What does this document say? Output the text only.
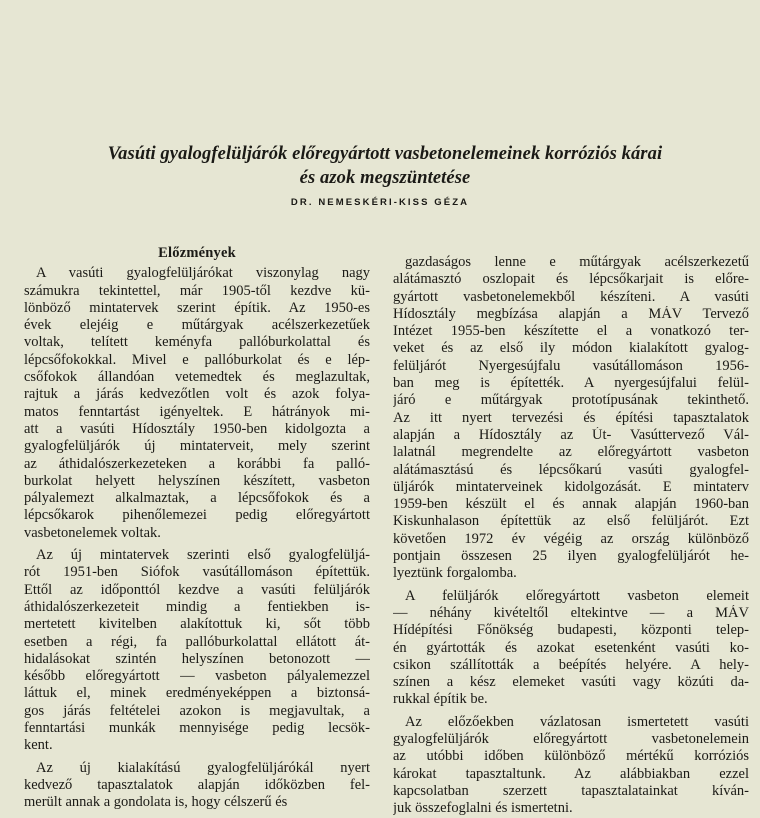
Vasúti gyalogfelüljárók előregyártott vasbetonelemeinek korróziós kárai
és azok megszüntetése
DR. NEMESKÉRI-KISS GÉZA
Előzmények
A vasúti gyalogfelüljárókat viszonylag nagy
számukra tekintettel, már 1905-től kezdve kü-
lönböző mintatervek szerint építik. Az 1950-es
évek elejéig e műtárgyak acélszerkezetűek
voltak, telített keményfa pallóburkolattal és
lépcsőfokokkal. Mivel e pallóburkolat és e lép-
csőfokok állandóan vetemedtek és meglazultak,
rajtuk a járás kedvezőtlen volt és azok folya-
matos fenntartást igényeltek. E hátrányok mi-
att a vasúti Hídosztály 1950-ben kidolgozta a
gyalogfelüljárók új mintaterveit, mely szerint
az áthidalószerkezeteken a korábbi fa palló-
burkolat helyett helyszínen készített, vasbeton
pályalemezt alkalmaztak, a lépcsőfokok és a
lépcsőkarok pihenőlemezei pedig előregyártott
vasbetonelemek voltak.
Az új mintatervek szerinti első gyalogfelüljá-
rót 1951-ben Siófok vasútállomáson építettük.
Ettől az időponttól kezdve a vasúti felüljárók
áthidalószerkezeteit mindig a fentiekben is-
mertetett kivitelben alakítottuk ki, sőt több
esetben a régi, fa pallóburkolattal ellátott át-
hidalásokat szintén helyszínen betonozott —
később előregyártott — vasbeton pályalemezzel
láttuk el, minek eredményeképpen a biztonsá-
gos járás feltételei azokon is megjavultak, a
fenntartási munkák mennyisége pedig lecsök-
kent.
Az új kialakítású gyalogfelüljárókál nyert
kedvező tapasztalatok alapján időközben fel-
merült annak a gondolata is, hogy célszerű és
gazdaságos lenne e műtárgyak acélszerkezetű
alátámasztó oszlopait és lépcsőkarjait is előre-
gyártott vasbetonelemekből készíteni. A vasúti
Hídosztály megbízása alapján a MÁV Tervező
Intézet 1955-ben készítette el a vonatkozó ter-
veket és az első ily módon kialakított gyalog-
felüljárót Nyergesújfalu vasútállomáson 1956-
ban meg is építették. A nyergesújfalui felül-
járó e műtárgyak prototípusának tekinthető.
Az itt nyert tervezési és építési tapasztalatok
alapján a Hídosztály az Út- Vasúttervező Vál-
lalatnál megrendelte az előregyártott vasbeton
alátámasztású és lépcsőkarú vasúti gyalogfel-
üljárók mintaterveinek kidolgozását. E mintaterv
1959-ben készült el és annak alapján 1960-ban
Kiskunhalason építettük az első felüljárót. Ezt
követően 1972 év végéig az ország különböző
pontjain összesen 25 ilyen gyalogfelüljárót he-
lyeztünk forgalomba.
A felüljárók előregyártott vasbeton elemeit
— néhány kivételtől eltekintve — a MÁV
Hídépítési Főnökség budapesti, központi telep-
én gyártották és azokat esetenként vasúti ko-
csikon szállították a beépítés helyére. A hely-
színen a kész elemeket vasúti vagy közúti da-
rukkal építik be.
Az előzőekben vázlatosan ismertetett vasúti
gyalogfelüljárók előregyártott vasbetonelemein
az utóbbi időben különböző mértékű korróziós
károkat tapasztaltunk. Az alábbiakban ezzel
kapcsolatban szerzett tapasztalatainkat kíván-
juk összefoglalni és ismertetni.
